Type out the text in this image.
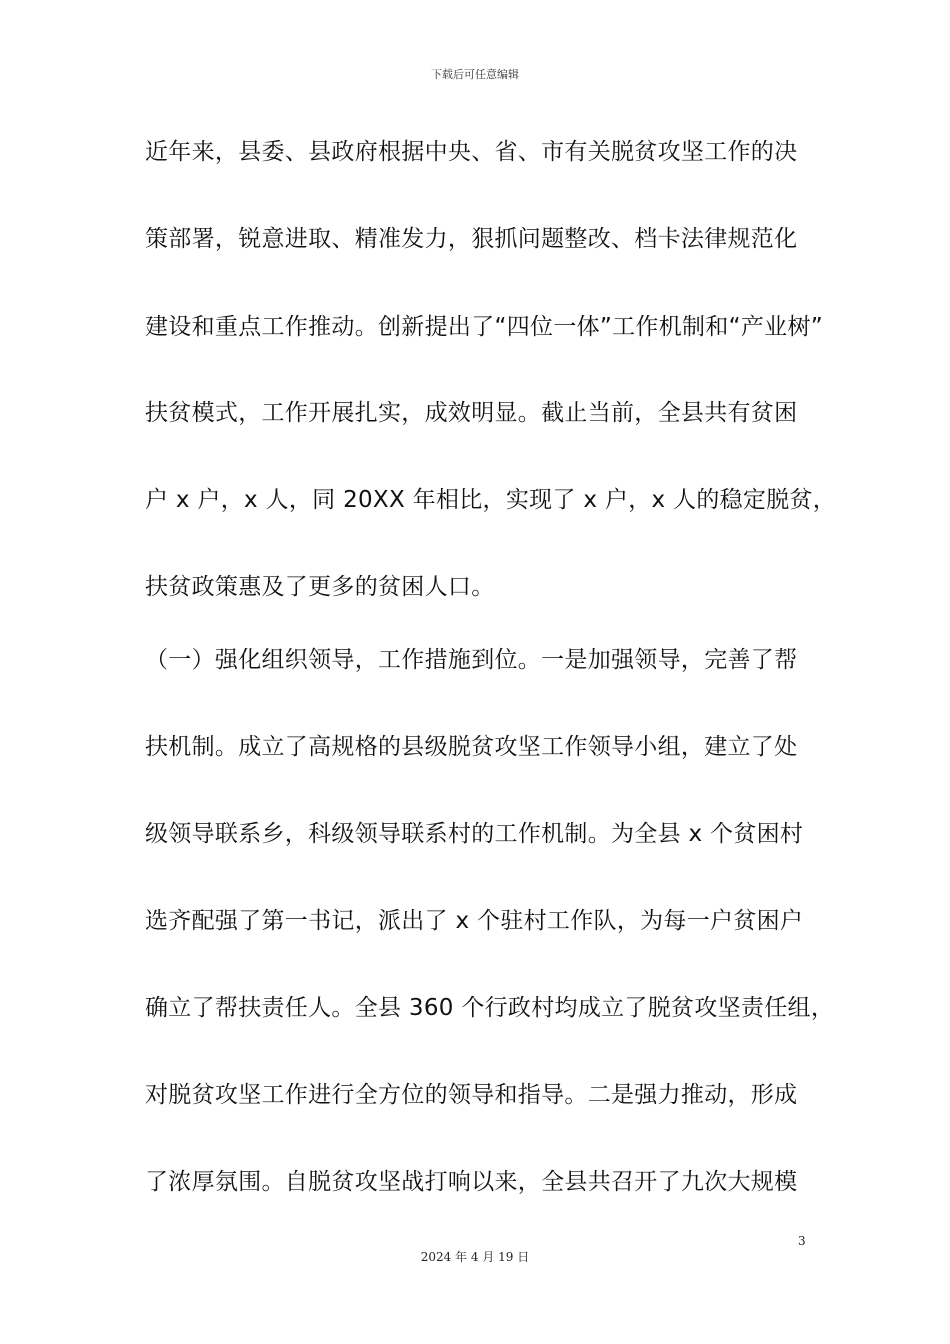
下载后可任意编辑
近年来，县委、县政府根据中央、省、市有关脱贫攻坚工作的决
策部署，锐意进取、精准发力，狠抓问题整改、档卡法律规范化
建设和重点工作推动。创新提出了“四位一体”工作机制和“产业树”
扶贫模式，工作开展扎实，成效明显。截止当前，全县共有贫困
户 x 户，x 人，同 20XX 年相比，实现了 x 户，x 人的稳定脱贫，
扶贫政策惠及了更多的贫困人口。
（一）强化组织领导，工作措施到位。一是加强领导，完善了帮
扶机制。成立了高规格的县级脱贫攻坚工作领导小组，建立了处
级领导联系乡，科级领导联系村的工作机制。为全县 x 个贫困村
选齐配强了第一书记，派出了 x 个驻村工作队，为每一户贫困户
确立了帮扶责任人。全县 360 个行政村均成立了脱贫攻坚责任组，
对脱贫攻坚工作进行全方位的领导和指导。二是强力推动，形成
了浓厚氛围。自脱贫攻坚战打响以来，全县共召开了九次大规模
3
2024 年 4 月 19 日
